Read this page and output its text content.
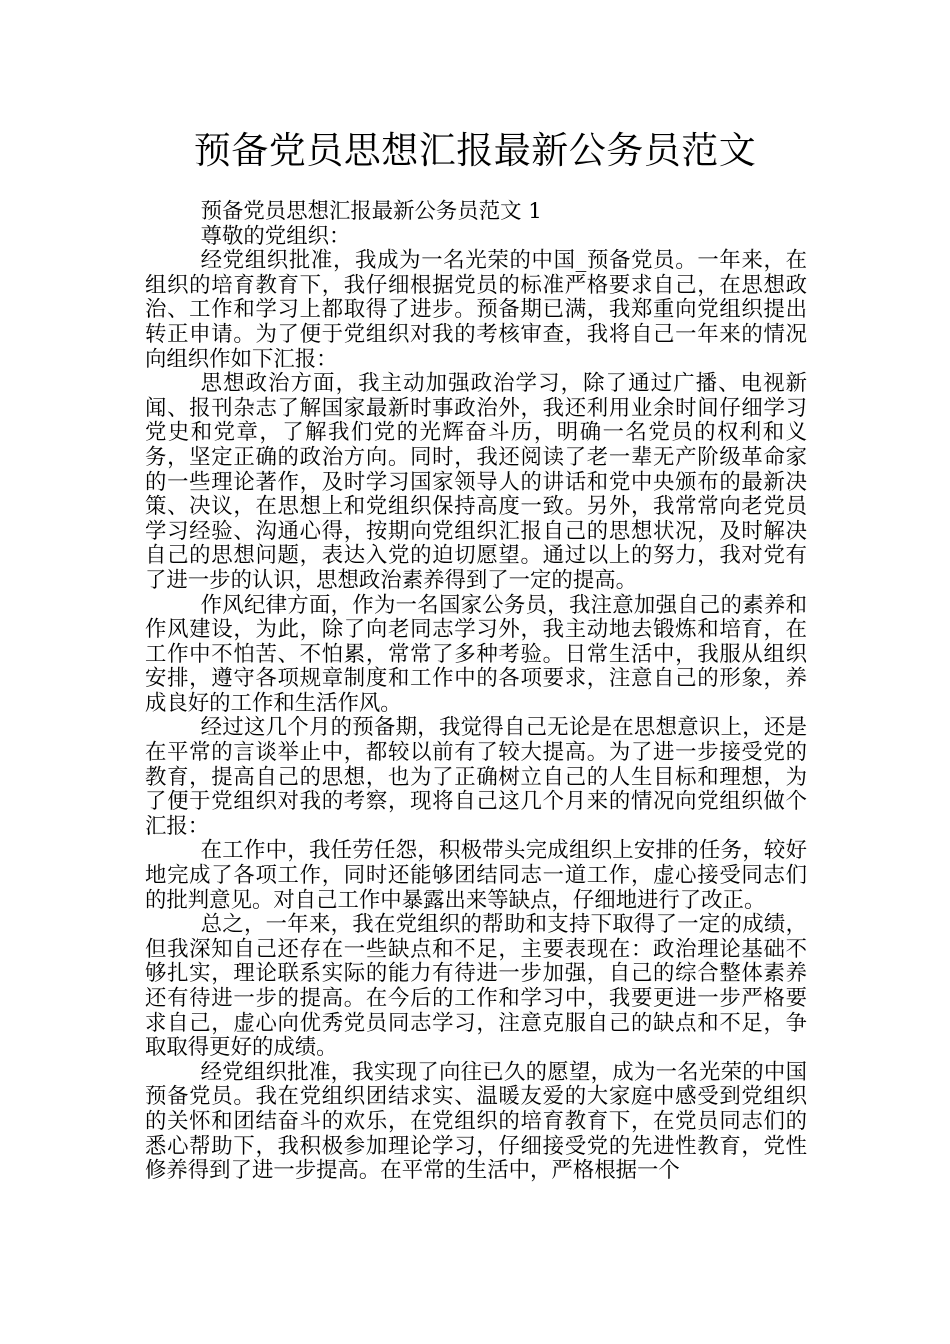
预备党员思想汇报最新公务员范文

预备党员思想汇报最新公务员范文 1

尊敬的党组织：

经党组织批准，我成为一名光荣的中国_预备党员。一年来，在组织的培育教育下，我仔细根据党员的标准严格要求自己，在思想政治、工作和学习上都取得了进步。预备期已满，我郑重向党组织提出转正申请。为了便于党组织对我的考核审查，我将自己一年来的情况向组织作如下汇报：

思想政治方面，我主动加强政治学习，除了通过广播、电视新闻、报刊杂志了解国家最新时事政治外，我还利用业余时间仔细学习党史和党章，了解我们党的光辉奋斗历，明确一名党员的权利和义务，坚定正确的政治方向。同时，我还阅读了老一辈无产阶级革命家的一些理论著作，及时学习国家领导人的讲话和党中央颁布的最新决策、决议，在思想上和党组织保持高度一致。另外，我常常向老党员学习经验、沟通心得，按期向党组织汇报自己的思想状况，及时解决自己的思想问题，表达入党的迫切愿望。通过以上的努力，我对党有了进一步的认识，思想政治素养得到了一定的提高。

作风纪律方面，作为一名国家公务员，我注意加强自己的素养和作风建设，为此，除了向老同志学习外，我主动地去锻炼和培育，在工作中不怕苦、不怕累，常常了多种考验。日常生活中，我服从组织安排，遵守各项规章制度和工作中的各项要求，注意自己的形象，养成良好的工作和生活作风。

经过这几个月的预备期，我觉得自己无论是在思想意识上，还是在平常的言谈举止中，都较以前有了较大提高。为了进一步接受党的教育，提高自己的思想，也为了正确树立自己的人生目标和理想，为了便于党组织对我的考察，现将自己这几个月来的情况向党组织做个汇报：

在工作中，我任劳任怨，积极带头完成组织上安排的任务，较好地完成了各项工作，同时还能够团结同志一道工作，虚心接受同志们的批判意见。对自己工作中暴露出来等缺点，仔细地进行了改正。

总之，一年来，我在党组织的帮助和支持下取得了一定的成绩，但我深知自己还存在一些缺点和不足，主要表现在：政治理论基础不够扎实，理论联系实际的能力有待进一步加强，自己的综合整体素养还有待进一步的提高。在今后的工作和学习中，我要更进一步严格要求自己，虚心向优秀党员同志学习，注意克服自己的缺点和不足，争取取得更好的成绩。

经党组织批准，我实现了向往已久的愿望，成为一名光荣的中国预备党员。我在党组织团结求实、温暖友爱的大家庭中感受到党组织的关怀和团结奋斗的欢乐，在党组织的培育教育下，在党员同志们的悉心帮助下，我积极参加理论学习，仔细接受党的先进性教育，党性修养得到了进一步提高。在平常的生活中，严格根据一个
